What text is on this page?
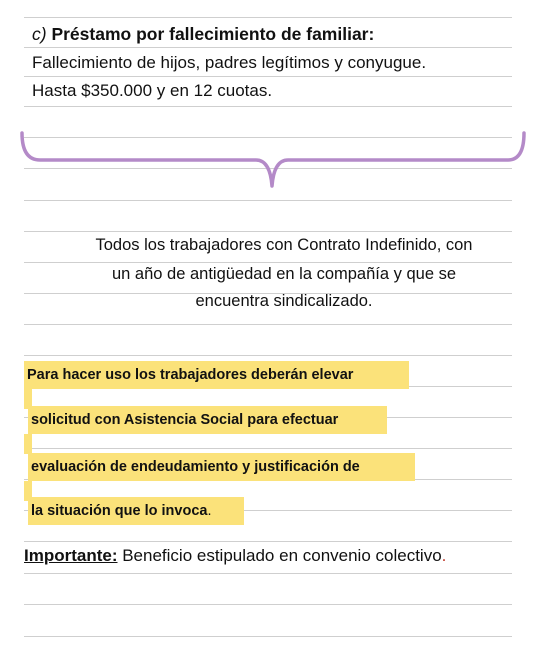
c) Préstamo por fallecimiento de familiar:
Fallecimiento de hijos, padres legítimos y conyugue.
Hasta $350.000 y en 12 cuotas.
Todos los trabajadores con Contrato Indefinido, con
un año de antigüedad en la compañía y que se
encuentra sindicalizado.
Para hacer uso los trabajadores deberán elevar
solicitud con Asistencia Social para efectuar
evaluación de endeudamiento y justificación de
la situación que lo invoca.
Importante: Beneficio estipulado en convenio colectivo.
